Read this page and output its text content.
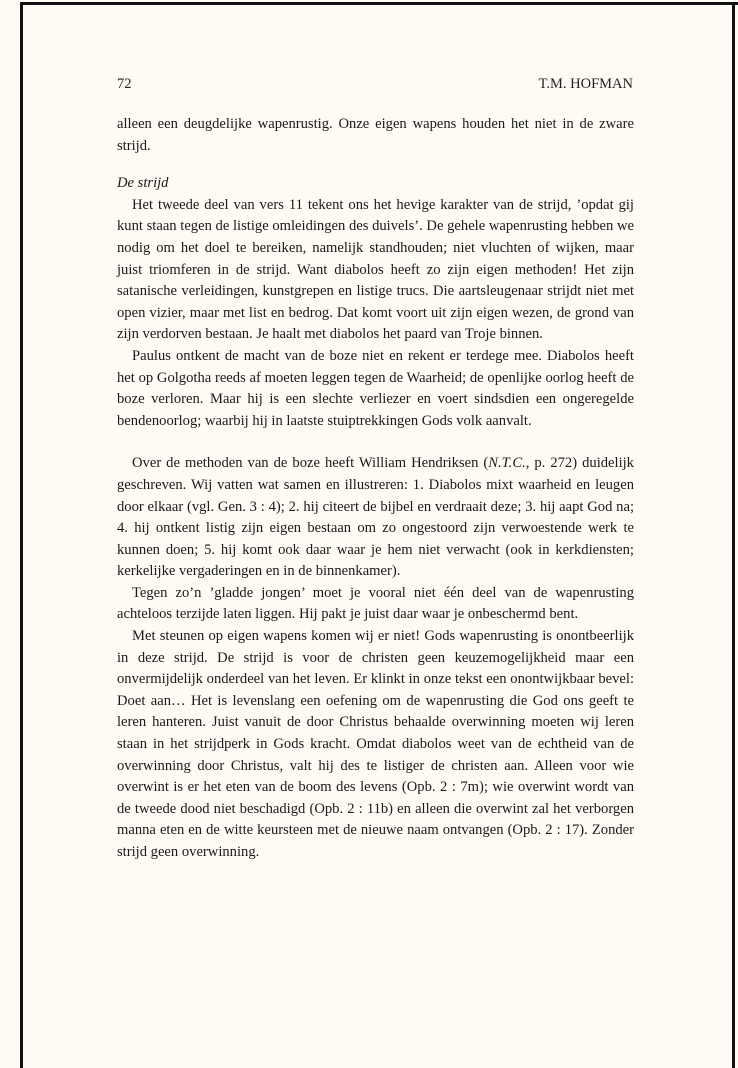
72	T.M. HOFMAN

alleen een deugdelijke wapenrustig. Onze eigen wapens houden het niet in de zware strijd.

De strijd

Het tweede deel van vers 11 tekent ons het hevige karakter van de strijd, ’opdat gij kunt staan tegen de listige omleidingen des duivels’. De gehele wapenrusting hebben we nodig om het doel te bereiken, namelijk standhouden; niet vluchten of wijken, maar juist triomferen in de strijd. Want diabolos heeft zo zijn eigen methoden! Het zijn satanische verleidingen, kunstgrepen en listige trucs. Die aartsleugenaar strijdt niet met open vizier, maar met list en bedrog. Dat komt voort uit zijn eigen wezen, de grond van zijn verdorven bestaan. Je haalt met diabolos het paard van Troje binnen.

Paulus ontkent de macht van de boze niet en rekent er terdege mee. Diabolos heeft het op Golgotha reeds af moeten leggen tegen de Waarheid; de openlijke oorlog heeft de boze verloren. Maar hij is een slechte verliezer en voert sindsdien een ongeregelde bendenoorlog; waarbij hij in laatste stuiptrekkingen Gods volk aanvalt.

Over de methoden van de boze heeft William Hendriksen (N.T.C., p. 272) duidelijk geschreven. Wij vatten wat samen en illustreren: 1. Diabolos mixt waarheid en leugen door elkaar (vgl. Gen. 3 : 4); 2. hij citeert de bijbel en verdraait deze; 3. hij aapt God na; 4. hij ontkent listig zijn eigen bestaan om zo ongestoord zijn verwoestende werk te kunnen doen; 5. hij komt ook daar waar je hem niet verwacht (ook in kerkdiensten; kerkelijke vergaderingen en in de binnenkamer).

Tegen zo’n ’gladde jongen’ moet je vooral niet één deel van de wapenrusting achteloos terzijde laten liggen. Hij pakt je juist daar waar je onbeschermd bent.

Met steunen op eigen wapens komen wij er niet! Gods wapenrusting is onontbeerlijk in deze strijd. De strijd is voor de christen geen keuzemogelijkheid maar een onvermijdelijk onderdeel van het leven. Er klinkt in onze tekst een onontwijkbaar bevel: Doet aan… Het is levenslang een oefening om de wapenrusting die God ons geeft te leren hanteren. Juist vanuit de door Christus behaalde overwinning moeten wij leren staan in het strijdperk in Gods kracht. Omdat diabolos weet van de echtheid van de overwinning door Christus, valt hij des te listiger de christen aan. Alleen voor wie overwint is er het eten van de boom des levens (Opb. 2 : 7m); wie overwint wordt van de tweede dood niet beschadigd (Opb. 2 : 11b) en alleen die overwint zal het verborgen manna eten en de witte keursteen met de nieuwe naam ontvangen (Opb. 2 : 17). Zonder strijd geen overwinning.
